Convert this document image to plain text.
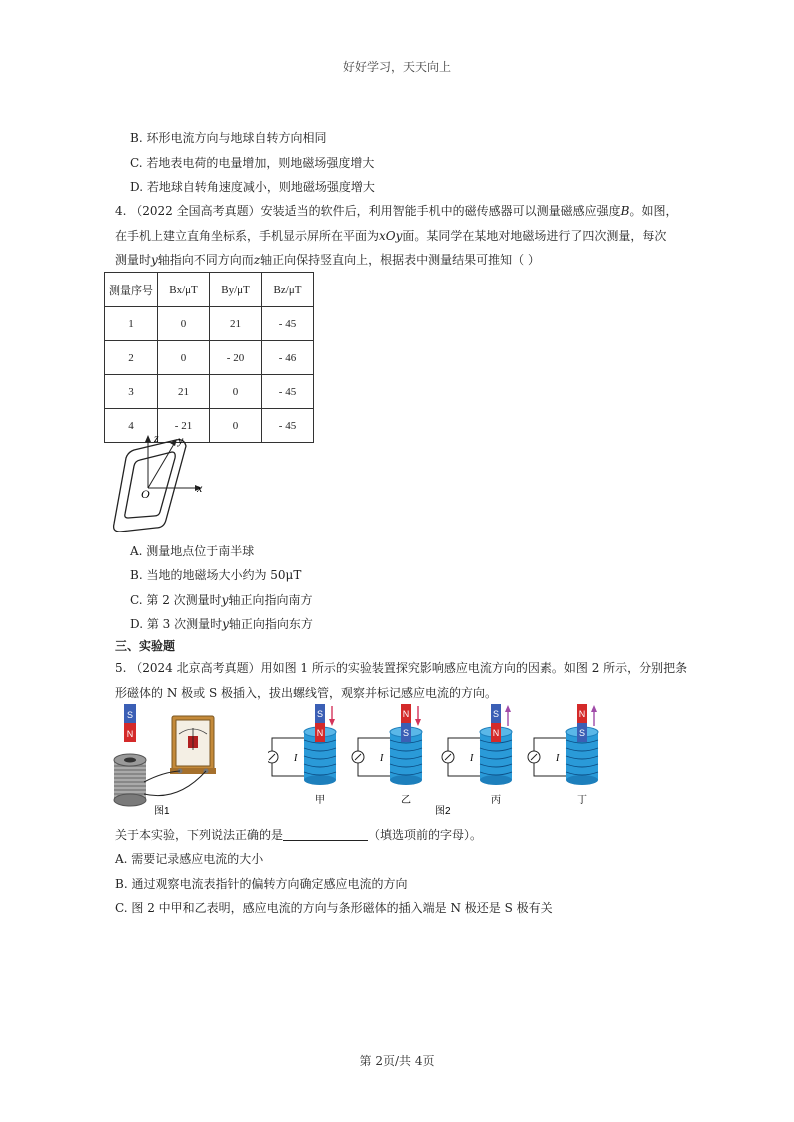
好好学习，天天向上
B. 环形电流方向与地球自转方向相同
C. 若地表电荷的电量增加，则地磁场强度增大
D. 若地球自转角速度减小，则地磁场强度增大
4. （2022 全国高考真题）安装适当的软件后，利用智能手机中的磁传感器可以测量磁感应强度B。如图，
在手机上建立直角坐标系，手机显示屏所在平面为xOy面。某同学在某地对地磁场进行了四次测量，每次
测量时y轴指向不同方向而z轴正向保持竖直向上，根据表中测量结果可推知（ ）
测量序号	Bx/μT	By/μT	Bz/μT
1	0	21	- 45
2	0	- 20	- 46
3	21	0	- 45
4	- 21	0	- 45
z y
x
O
A. 测量地点位于南半球
B. 当地的地磁场大小约为 50μT
C. 第 2 次测量时y轴正向指向南方
D. 第 3 次测量时y轴正向指向东方
三、实验题
5. （2024 北京高考真题）用如图 1 所示的实验装置探究影响感应电流方向的因素。如图 2 所示，分别把条
形磁体的 N 极或 S 极插入，拔出螺线管，观察并标记感应电流的方向。
S
N
图1
S
N
I
甲
N
S
I
乙
S
N
I
丙
N
S
I
丁
图2
关于本实验，下列说法正确的是	（填选项前的字母）。
A. 需要记录感应电流的大小
B. 通过观察电流表指针的偏转方向确定感应电流的方向
C. 图 2 中甲和乙表明，感应电流的方向与条形磁体的插入端是 N 极还是 S 极有关
第 2页/共 4页
